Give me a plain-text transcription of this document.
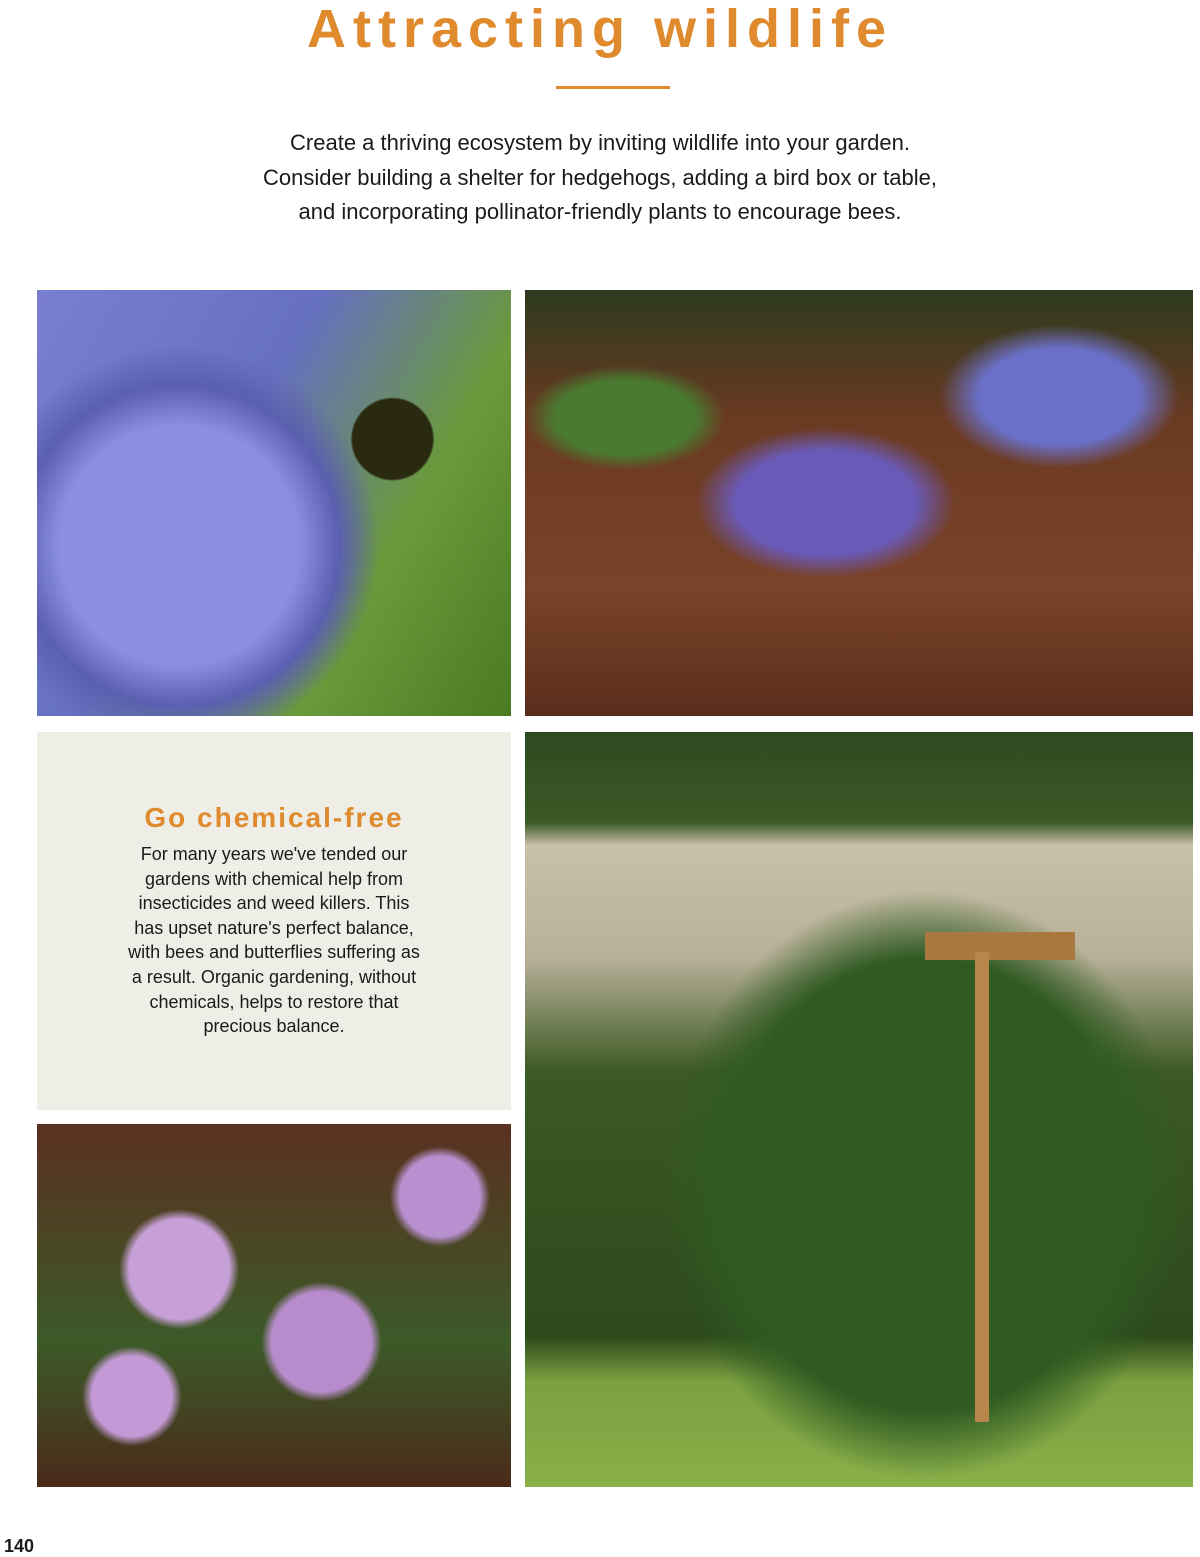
Attracting wildlife
Create a thriving ecosystem by inviting wildlife into your garden.
Consider building a shelter for hedgehogs, adding a bird box or table,
and incorporating pollinator-friendly plants to encourage bees.
Go chemical-free
For many years we've tended our
gardens with chemical help from
insecticides and weed killers. This
has upset nature's perfect balance,
with bees and butterflies suffering as
a result. Organic gardening, without
chemicals, helps to restore that
precious balance.
140
